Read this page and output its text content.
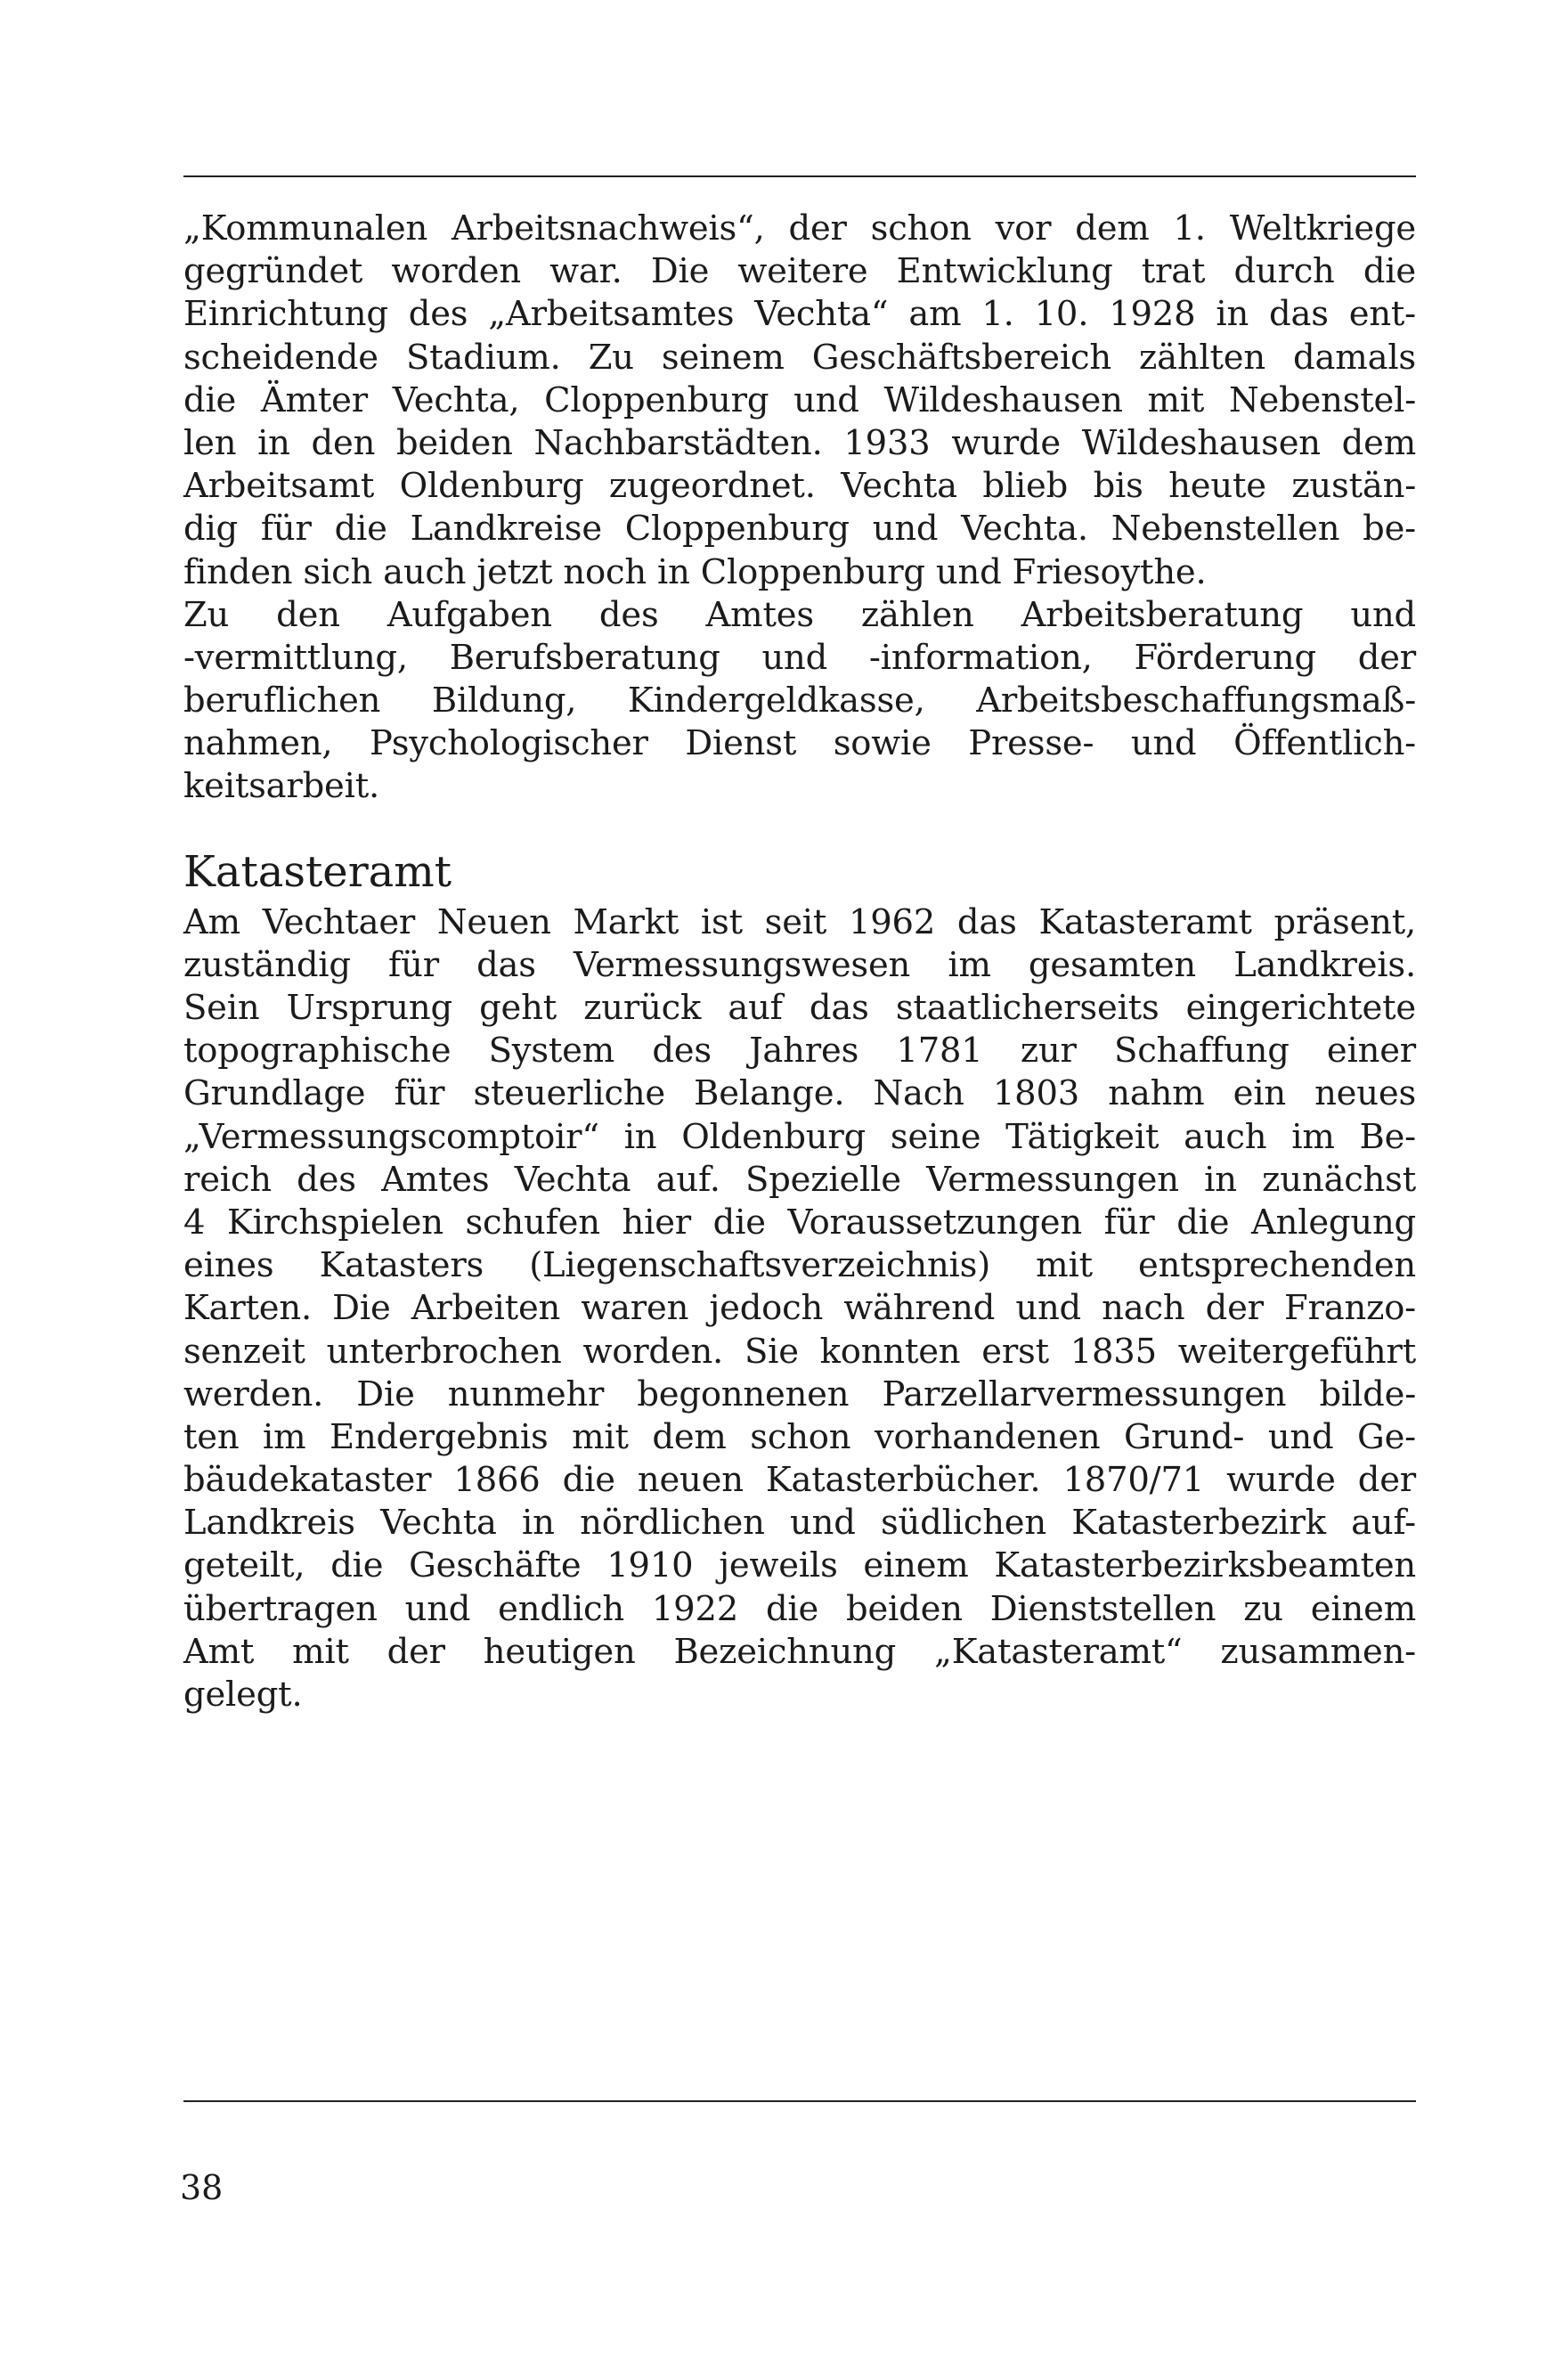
„Kommunalen Arbeitsnachweis“, der schon vor dem 1. Weltkriege
gegründet worden war. Die weitere Entwicklung trat durch die
Einrichtung des „Arbeitsamtes Vechta“ am 1. 10. 1928 in das ent-
scheidende Stadium. Zu seinem Geschäftsbereich zählten damals
die Ämter Vechta, Cloppenburg und Wildeshausen mit Nebenstel-
len in den beiden Nachbarstädten. 1933 wurde Wildeshausen dem
Arbeitsamt Oldenburg zugeordnet. Vechta blieb bis heute zustän-
dig für die Landkreise Cloppenburg und Vechta. Nebenstellen be-
finden sich auch jetzt noch in Cloppenburg und Friesoythe.
Zu den Aufgaben des Amtes zählen Arbeitsberatung und
-vermittlung, Berufsberatung und -information, Förderung der
beruflichen Bildung, Kindergeldkasse, Arbeitsbeschaffungsmaß-
nahmen, Psychologischer Dienst sowie Presse- und Öffentlich-
keitsarbeit.
Katasteramt
Am Vechtaer Neuen Markt ist seit 1962 das Katasteramt präsent,
zuständig für das Vermessungswesen im gesamten Landkreis.
Sein Ursprung geht zurück auf das staatlicherseits eingerichtete
topographische System des Jahres 1781 zur Schaffung einer
Grundlage für steuerliche Belange. Nach 1803 nahm ein neues
„Vermessungscomptoir“ in Oldenburg seine Tätigkeit auch im Be-
reich des Amtes Vechta auf. Spezielle Vermessungen in zunächst
4 Kirchspielen schufen hier die Voraussetzungen für die Anlegung
eines Katasters (Liegenschaftsverzeichnis) mit entsprechenden
Karten. Die Arbeiten waren jedoch während und nach der Franzo-
senzeit unterbrochen worden. Sie konnten erst 1835 weitergeführt
werden. Die nunmehr begonnenen Parzellarvermessungen bilde-
ten im Endergebnis mit dem schon vorhandenen Grund- und Ge-
bäudekataster 1866 die neuen Katasterbücher. 1870/71 wurde der
Landkreis Vechta in nördlichen und südlichen Katasterbezirk auf-
geteilt, die Geschäfte 1910 jeweils einem Katasterbezirksbeamten
übertragen und endlich 1922 die beiden Dienststellen zu einem
Amt mit der heutigen Bezeichnung „Katasteramt“ zusammen-
gelegt.
38
